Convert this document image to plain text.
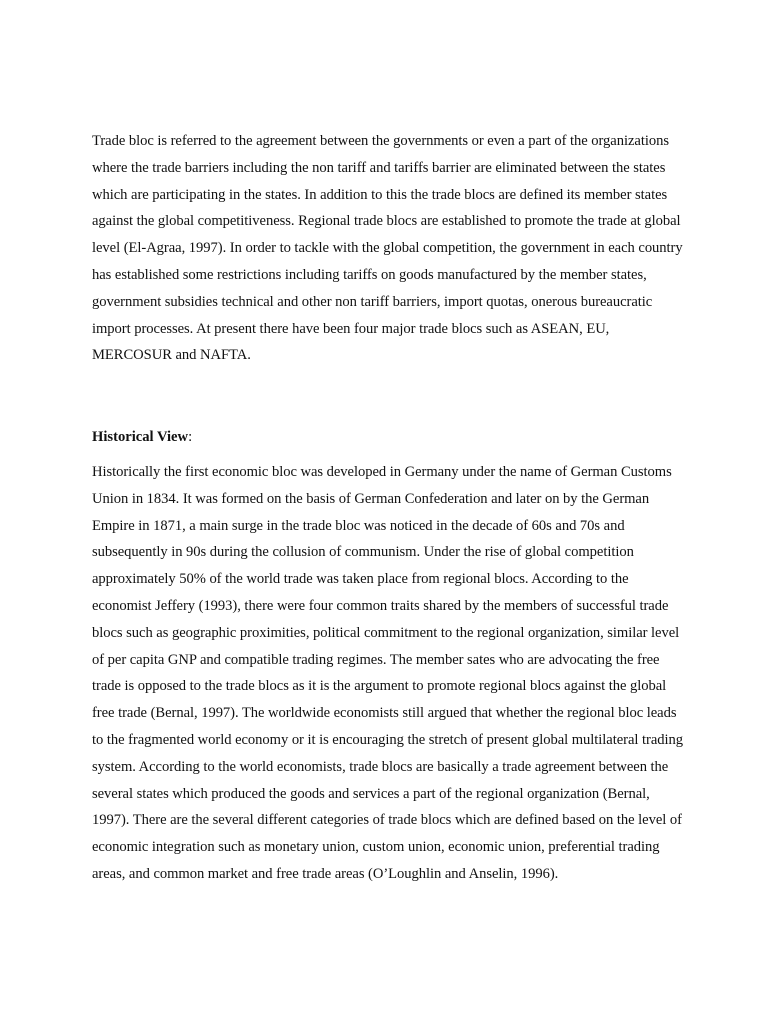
Trade bloc is referred to the agreement between the governments or even a part of the organizations where the trade barriers including the non tariff and tariffs barrier are eliminated between the states which are participating in the states. In addition to this the trade blocs are defined its member states against the global competitiveness. Regional trade blocs are established to promote the trade at global level (El-Agraa, 1997). In order to tackle with the global competition, the government in each country has established some restrictions including tariffs on goods manufactured by the member states, government subsidies technical and other non tariff barriers, import quotas, onerous bureaucratic import processes. At present there have been four major trade blocs such as ASEAN, EU, MERCOSUR and NAFTA.

Historical View:

Historically the first economic bloc was developed in Germany under the name of German Customs Union in 1834. It was formed on the basis of German Confederation and later on by the German Empire in 1871, a main surge in the trade bloc was noticed in the decade of 60s and 70s and subsequently in 90s during the collusion of communism. Under the rise of global competition approximately 50% of the world trade was taken place from regional blocs. According to the economist Jeffery (1993), there were four common traits shared by the members of successful trade blocs such as geographic proximities, political commitment to the regional organization, similar level of per capita GNP and compatible trading regimes. The member sates who are advocating the free trade is opposed to the trade blocs as it is the argument to promote regional blocs against the global free trade (Bernal, 1997). The worldwide economists still argued that whether the regional bloc leads to the fragmented world economy or it is encouraging the stretch of present global multilateral trading system. According to the world economists, trade blocs are basically a trade agreement between the several states which produced the goods and services a part of the regional organization (Bernal, 1997). There are the several different categories of trade blocs which are defined based on the level of economic integration such as monetary union, custom union, economic union, preferential trading areas, and common market and free trade areas (O’Loughlin and Anselin, 1996).
